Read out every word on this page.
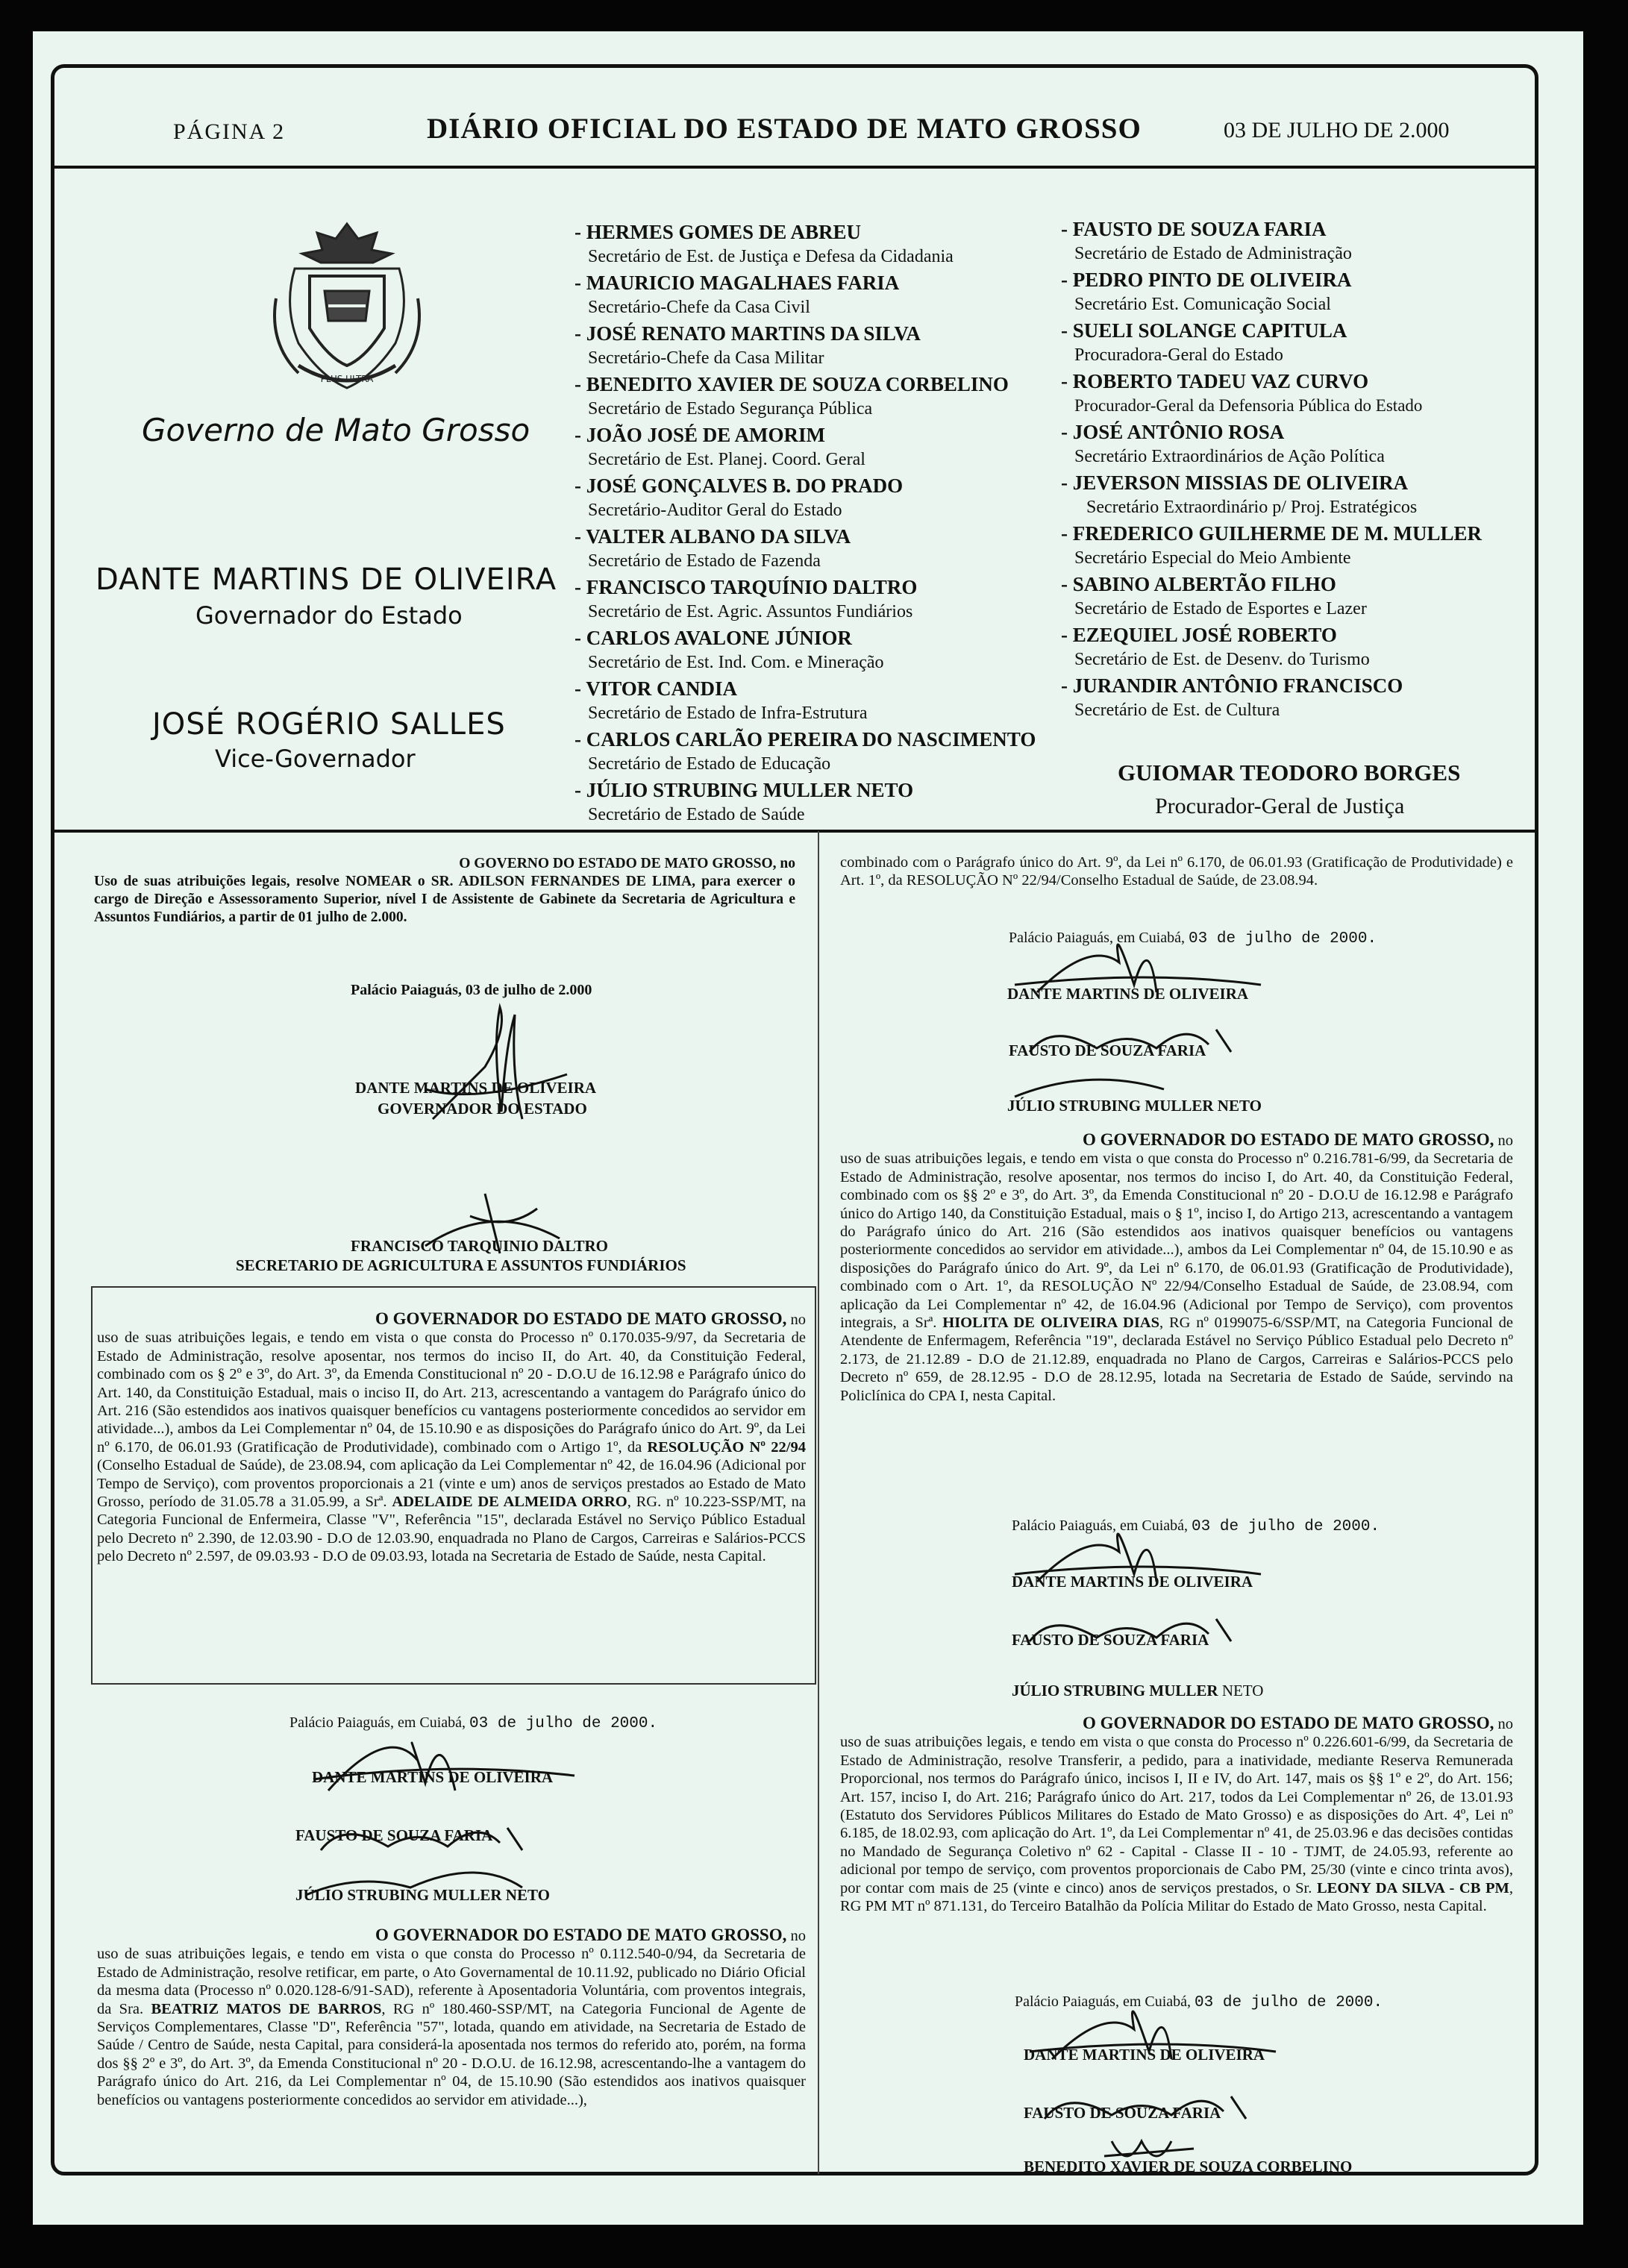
PÁGINA 2	DIÁRIO OFICIAL DO ESTADO DE MATO GROSSO	03 DE JULHO DE 2.000
PLUS ULTRA
Governo de Mato Grosso
DANTE MARTINS DE OLIVEIRA
Governador do Estado
JOSÉ ROGÉRIO SALLES
Vice-Governador
- HERMES GOMES DE ABREU
Secretário de Est. de Justiça e Defesa da Cidadania
- MAURICIO MAGALHAES FARIA
Secretário-Chefe da Casa Civil
- JOSÉ RENATO MARTINS DA SILVA
Secretário-Chefe da Casa Militar
- BENEDITO XAVIER DE SOUZA CORBELINO
Secretário de Estado Segurança Pública
- JOÃO JOSÉ DE AMORIM
Secretário de Est. Planej. Coord. Geral
- JOSÉ GONÇALVES B. DO PRADO
Secretário-Auditor Geral do Estado
- VALTER ALBANO DA SILVA
Secretário de Estado de Fazenda
- FRANCISCO TARQUÍNIO DALTRO
Secretário de Est. Agric. Assuntos Fundiários
- CARLOS AVALONE JÚNIOR
Secretário de Est. Ind. Com. e Mineração
- VITOR CANDIA
Secretário de Estado de Infra-Estrutura
- CARLOS CARLÃO PEREIRA DO NASCIMENTO
Secretário de Estado de Educação
- JÚLIO STRUBING MULLER NETO
Secretário de Estado de Saúde
- FAUSTO DE SOUZA FARIA
Secretário de Estado de Administração
- PEDRO PINTO DE OLIVEIRA
Secretário Est. Comunicação Social
- SUELI SOLANGE CAPITULA
Procuradora-Geral do Estado
- ROBERTO TADEU VAZ CURVO
Procurador-Geral da Defensoria Pública do Estado
- JOSÉ ANTÔNIO ROSA
Secretário Extraordinários de Ação Política
- JEVERSON MISSIAS DE OLIVEIRA
Secretário Extraordinário p/ Proj. Estratégicos
- FREDERICO GUILHERME DE M. MULLER
Secretário Especial do Meio Ambiente
- SABINO ALBERTÃO FILHO
Secretário de Estado de Esportes e Lazer
- EZEQUIEL JOSÉ ROBERTO
Secretário de Est. de Desenv. do Turismo
- JURANDIR ANTÔNIO FRANCISCO
Secretário de Est. de Cultura
GUIOMAR TEODORO BORGES
Procurador-Geral de Justiça

O GOVERNO DO ESTADO DE MATO GROSSO, no

Uso de suas atribuições legais, resolve NOMEAR o SR. ADILSON FERNANDES DE LIMA, para exercer o cargo de Direção e Assessoramento Superior, nível I de Assistente de Gabinete da Secretaria de Agricultura e Assuntos Fundiários, a partir de 01 julho de 2.000.

Palácio Paiaguás, 03 de julho de 2.000
DANTE MARTINS DE OLIVEIRA
GOVERNADOR DO ESTADO
FRANCISCO TARQUINIO DALTRO
SECRETARIO DE AGRICULTURA E ASSUNTOS FUNDIÁRIOS

O GOVERNADOR DO ESTADO DE MATO GROSSO, no

uso de suas atribuições legais, e tendo em vista o que consta do Processo nº 0.170.035-9/97, da Secretaria de Estado de Administração, resolve aposentar, nos termos do inciso II, do Art. 40, da Constituição Federal, combinado com os § 2º e 3º, do Art. 3º, da Emenda Constitucional nº 20 - D.O.U de 16.12.98 e Parágrafo único do Art. 140, da Constituição Estadual, mais o inciso II, do Art. 213, acrescentando a vantagem do Parágrafo único do Art. 216 (São estendidos aos inativos quaisquer benefícios cu vantagens posteriormente concedidos ao servidor em atividade...), ambos da Lei Complementar nº 04, de 15.10.90 e as disposições do Parágrafo único do Art. 9º, da Lei nº 6.170, de 06.01.93 (Gratificação de Produtividade), combinado com o Artigo 1º, da RESOLUÇÃO Nº 22/94 (Conselho Estadual de Saúde), de 23.08.94, com aplicação da Lei Complementar nº 42, de 16.04.96 (Adicional por Tempo de Serviço), com proventos proporcionais a 21 (vinte e um) anos de serviços prestados ao Estado de Mato Grosso, período de 31.05.78 a 31.05.99, a Srª. ADELAIDE DE ALMEIDA ORRO, RG. nº 10.223-SSP/MT, na Categoria Funcional de Enfermeira, Classe "V", Referência "15", declarada Estável no Serviço Público Estadual pelo Decreto nº 2.390, de 12.03.90 - D.O de 12.03.90, enquadrada no Plano de Cargos, Carreiras e Salários-PCCS pelo Decreto nº 2.597, de 09.03.93 - D.O de 09.03.93, lotada na Secretaria de Estado de Saúde, nesta Capital.

Palácio Paiaguás, em Cuiabá, 03 de julho de 2000.
DANTE MARTINS DE OLIVEIRA
FAUSTO DE SOUZA FARIA
JÚLIO STRUBING MULLER NETO

O GOVERNADOR DO ESTADO DE MATO GROSSO, no

uso de suas atribuições legais, e tendo em vista o que consta do Processo nº 0.112.540-0/94, da Secretaria de Estado de Administração, resolve retificar, em parte, o Ato Governamental de 10.11.92, publicado no Diário Oficial da mesma data (Processo nº 0.020.128-6/91-SAD), referente à Aposentadoria Voluntária, com proventos integrais, da Sra. BEATRIZ MATOS DE BARROS, RG nº 180.460-SSP/MT, na Categoria Funcional de Agente de Serviços Complementares, Classe "D", Referência "57", lotada, quando em atividade, na Secretaria de Estado de Saúde / Centro de Saúde, nesta Capital, para considerá-la aposentada nos termos do referido ato, porém, na forma dos §§ 2º e 3º, do Art. 3º, da Emenda Constitucional nº 20 - D.O.U. de 16.12.98, acrescentando-lhe a vantagem do Parágrafo único do Art. 216, da Lei Complementar nº 04, de 15.10.90 (São estendidos aos inativos quaisquer benefícios ou vantagens posteriormente concedidos ao servidor em atividade...),

combinado com o Parágrafo único do Art. 9º, da Lei nº 6.170, de 06.01.93 (Gratificação de Produtividade) e Art. 1º, da RESOLUÇÃO Nº 22/94/Conselho Estadual de Saúde, de 23.08.94.

Palácio Paiaguás, em Cuiabá, 03 de julho de 2000.
DANTE MARTINS DE OLIVEIRA
FAUSTO DE SOUZA FARIA
JÚLIO STRUBING MULLER NETO

O GOVERNADOR DO ESTADO DE MATO GROSSO, no

uso de suas atribuições legais, e tendo em vista o que consta do Processo nº 0.216.781-6/99, da Secretaria de Estado de Administração, resolve aposentar, nos termos do inciso I, do Art. 40, da Constituição Federal, combinado com os §§ 2º e 3º, do Art. 3º, da Emenda Constitucional nº 20 - D.O.U de 16.12.98 e Parágrafo único do Artigo 140, da Constituição Estadual, mais o § 1º, inciso I, do Artigo 213, acrescentando a vantagem do Parágrafo único do Art. 216 (São estendidos aos inativos quaisquer benefícios ou vantagens posteriormente concedidos ao servidor em atividade...), ambos da Lei Complementar nº 04, de 15.10.90 e as disposições do Parágrafo único do Art. 9º, da Lei nº 6.170, de 06.01.93 (Gratificação de Produtividade), combinado com o Art. 1º, da RESOLUÇÃO Nº 22/94/Conselho Estadual de Saúde, de 23.08.94, com aplicação da Lei Complementar nº 42, de 16.04.96 (Adicional por Tempo de Serviço), com proventos integrais, a Srª. HIOLITA DE OLIVEIRA DIAS, RG nº 0199075-6/SSP/MT, na Categoria Funcional de Atendente de Enfermagem, Referência "19", declarada Estável no Serviço Público Estadual pelo Decreto nº 2.173, de 21.12.89 - D.O de 21.12.89, enquadrada no Plano de Cargos, Carreiras e Salários-PCCS pelo Decreto nº 659, de 28.12.95 - D.O de 28.12.95, lotada na Secretaria de Estado de Saúde, servindo na Policlínica do CPA I, nesta Capital.

Palácio Paiaguás, em Cuiabá, 03 de julho de 2000.
DANTE MARTINS DE OLIVEIRA
FAUSTO DE SOUZA FARIA
JÚLIO STRUBING MULLER NETO

O GOVERNADOR DO ESTADO DE MATO GROSSO, no

uso de suas atribuições legais, e tendo em vista o que consta do Processo nº 0.226.601-6/99, da Secretaria de Estado de Administração, resolve Transferir, a pedido, para a inatividade, mediante Reserva Remunerada Proporcional, nos termos do Parágrafo único, incisos I, II e IV, do Art. 147, mais os §§ 1º e 2º, do Art. 156; Art. 157, inciso I, do Art. 216; Parágrafo único do Art. 217, todos da Lei Complementar nº 26, de 13.01.93 (Estatuto dos Servidores Públicos Militares do Estado de Mato Grosso) e as disposições do Art. 4º, Lei nº 6.185, de 18.02.93, com aplicação do Art. 1º, da Lei Complementar nº 41, de 25.03.96 e das decisões contidas no Mandado de Segurança Coletivo nº 62 - Capital - Classe II - 10 - TJMT, de 24.05.93, referente ao adicional por tempo de serviço, com proventos proporcionais de Cabo PM, 25/30 (vinte e cinco trinta avos), por contar com mais de 25 (vinte e cinco) anos de serviços prestados, o Sr. LEONY DA SILVA - CB PM, RG PM MT nº 871.131, do Terceiro Batalhão da Polícia Militar do Estado de Mato Grosso, nesta Capital.

Palácio Paiaguás, em Cuiabá, 03 de julho de 2000.
DANTE MARTINS DE OLIVEIRA
FAUSTO DE SOUZA FARIA
BENEDITO XAVIER DE SOUZA CORBELINO
